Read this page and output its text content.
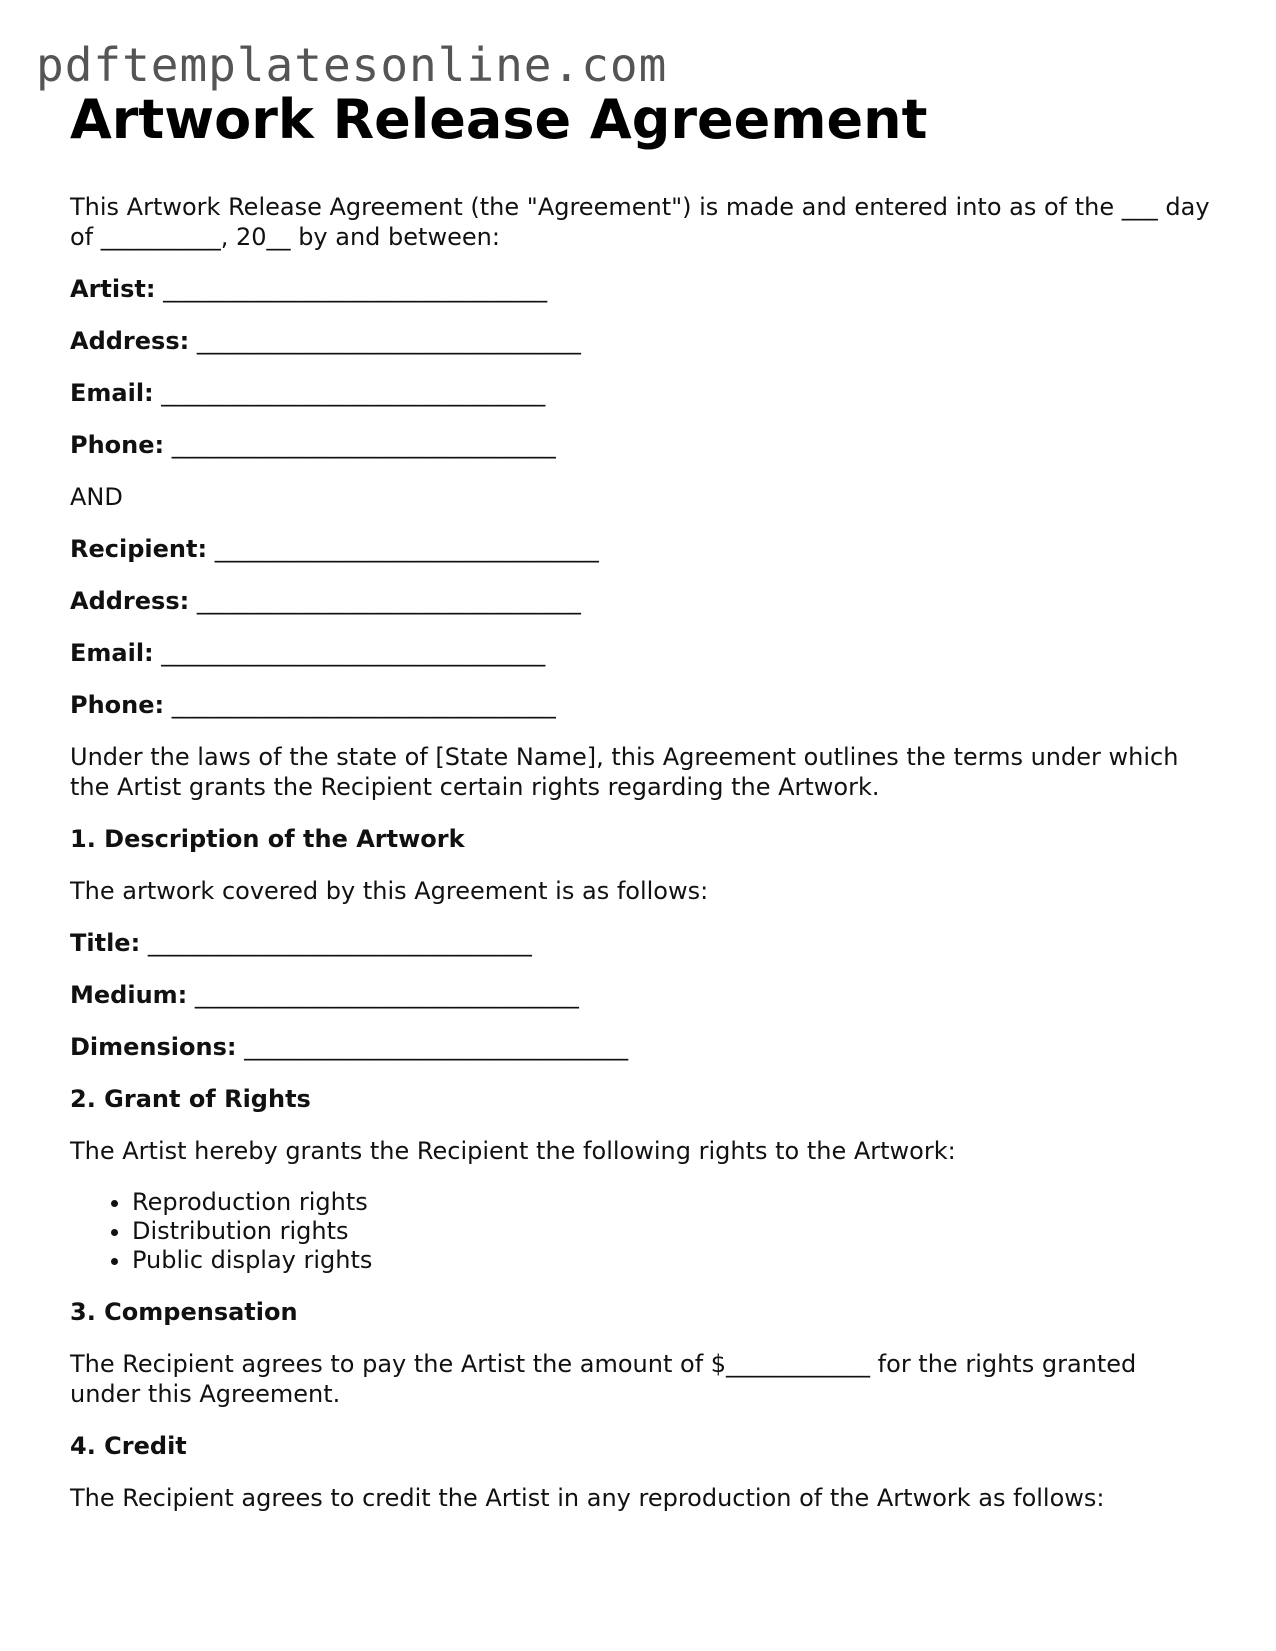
pdftemplatesonline.com
Artwork Release Agreement

This Artwork Release Agreement (the "Agreement") is made and entered into as of the ___ day of __________, 20__ by and between:

Artist: ________________________________

Address: ________________________________

Email: ________________________________

Phone: ________________________________

AND

Recipient: ________________________________

Address: ________________________________

Email: ________________________________

Phone: ________________________________

Under the laws of the state of [State Name], this Agreement outlines the terms under which the Artist grants the Recipient certain rights regarding the Artwork.

1. Description of the Artwork

The artwork covered by this Agreement is as follows:

Title: ________________________________

Medium: ________________________________

Dimensions: ________________________________

2. Grant of Rights

The Artist hereby grants the Recipient the following rights to the Artwork:

• Reproduction rights
• Distribution rights
• Public display rights
3. Compensation

The Recipient agrees to pay the Artist the amount of $____________ for the rights granted under this Agreement.

4. Credit

The Recipient agrees to credit the Artist in any reproduction of the Artwork as follows:
